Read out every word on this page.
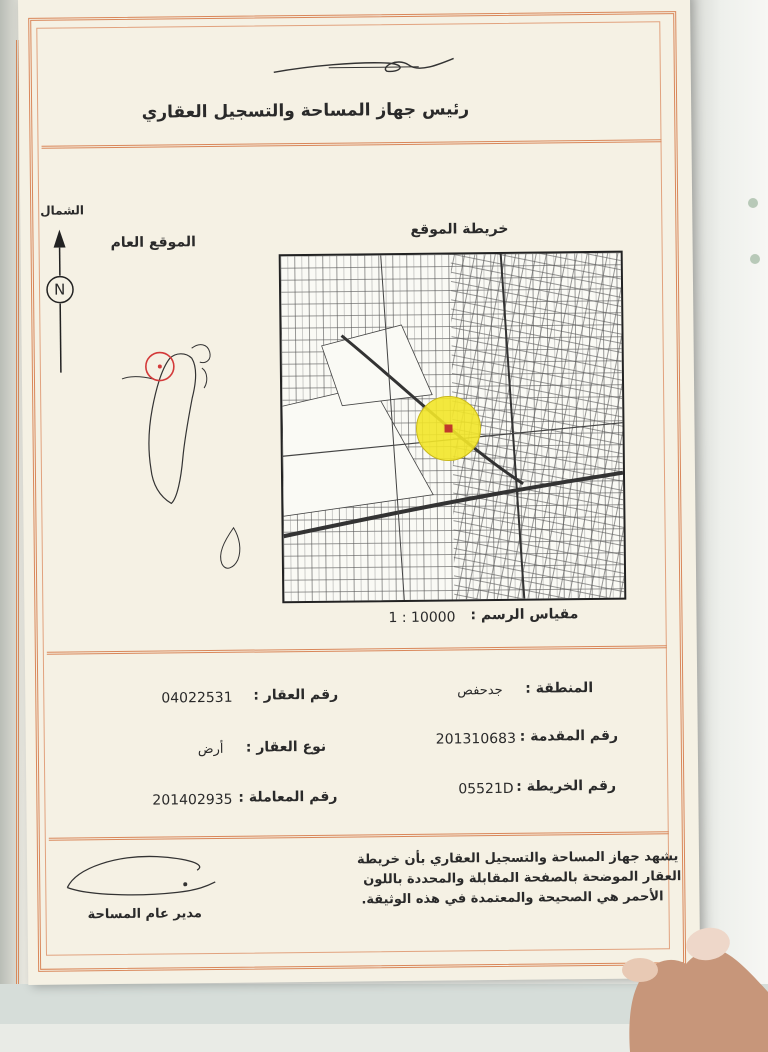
رئيس جهاز المساحة والتسجيل العقاري
الشمال
N
الموقع العام
خريطة الموقع
مقياس الرسم :
1 : 10000
رقم العقار :
04022531
المنطقة :
جدحفص
نوع العقار :
أرض
رقم المقدمة :
201310683
رقم المعاملة :
201402935
رقم الخريطة :
05521D
مدير عام المساحة
يشهد جهاز المساحة والتسجيل العقاري بأن خريطة
العقار الموضحة بالصفحة المقابلة والمحددة باللون
الأحمر هي الصحيحة والمعتمدة في هذه الوثيقة.
